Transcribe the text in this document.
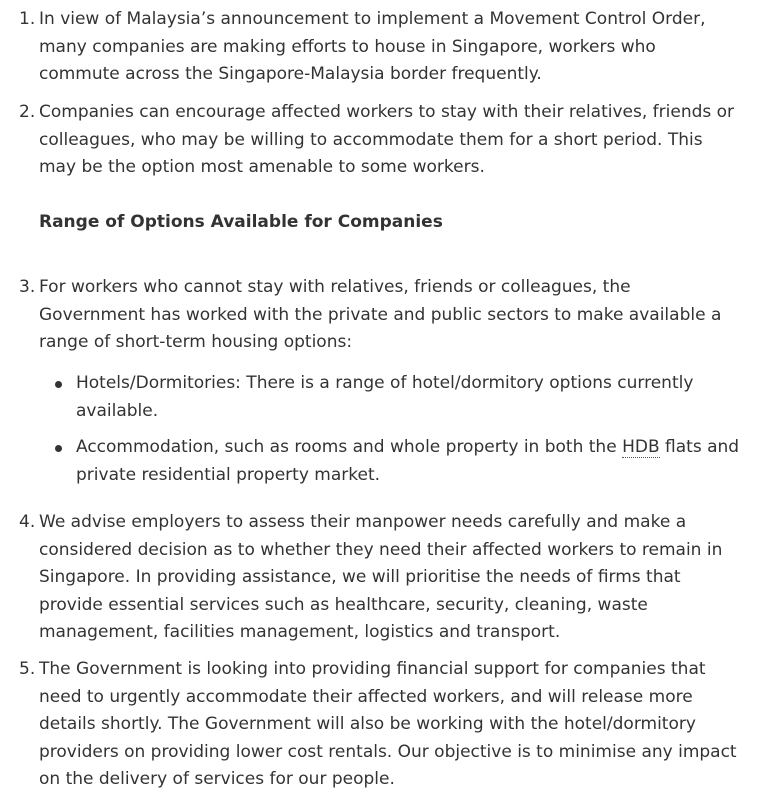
1. In view of Malaysia’s announcement to implement a Movement Control Order, many companies are making efforts to house in Singapore, workers who commute across the Singapore-Malaysia border frequently.
2. Companies can encourage affected workers to stay with their relatives, friends or colleagues, who may be willing to accommodate them for a short period. This may be the option most amenable to some workers.
Range of Options Available for Companies
3. For workers who cannot stay with relatives, friends or colleagues, the Government has worked with the private and public sectors to make available a range of short-term housing options:
Hotels/Dormitories: There is a range of hotel/dormitory options currently available.
Accommodation, such as rooms and whole property in both the HDB flats and private residential property market.
4. We advise employers to assess their manpower needs carefully and make a considered decision as to whether they need their affected workers to remain in Singapore. In providing assistance, we will prioritise the needs of firms that provide essential services such as healthcare, security, cleaning, waste management, facilities management, logistics and transport.
5. The Government is looking into providing financial support for companies that need to urgently accommodate their affected workers, and will release more details shortly. The Government will also be working with the hotel/dormitory providers on providing lower cost rentals. Our objective is to minimise any impact on the delivery of services for our people.
